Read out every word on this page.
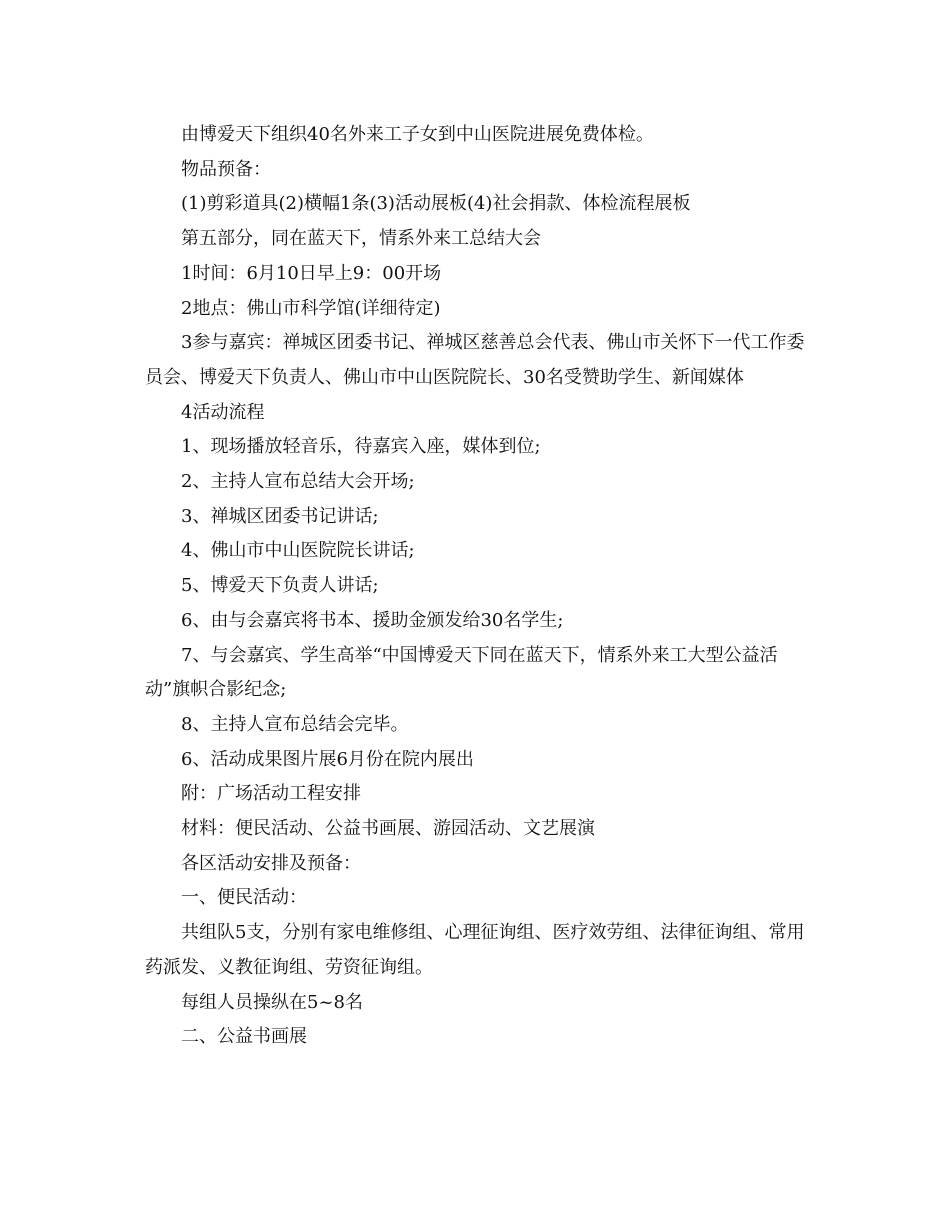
由博爱天下组织40名外来工子女到中山医院进展免费体检。

物品预备：

(1)剪彩道具(2)横幅1条(3)活动展板(4)社会捐款、体检流程展板

第五部分，同在蓝天下，情系外来工总结大会

1时间：6月10日早上9：00开场

2地点：佛山市科学馆(详细待定)

3参与嘉宾：禅城区团委书记、禅城区慈善总会代表、佛山市关怀下一代工作委员会、博爱天下负责人、佛山市中山医院院长、30名受赞助学生、新闻媒体

4活动流程

1、现场播放轻音乐，待嘉宾入座，媒体到位;

2、主持人宣布总结大会开场;

3、禅城区团委书记讲话;

4、佛山市中山医院院长讲话;

5、博爱天下负责人讲话;

6、由与会嘉宾将书本、援助金颁发给30名学生;

7、与会嘉宾、学生高举“中国博爱天下同在蓝天下，情系外来工大型公益活动”旗帜合影纪念;

8、主持人宣布总结会完毕。

6、活动成果图片展6月份在院内展出

附：广场活动工程安排

材料：便民活动、公益书画展、游园活动、文艺展演

各区活动安排及预备：

一、便民活动：

共组队5支，分别有家电维修组、心理征询组、医疗效劳组、法律征询组、常用药派发、义教征询组、劳资征询组。

每组人员操纵在5~8名

二、公益书画展
